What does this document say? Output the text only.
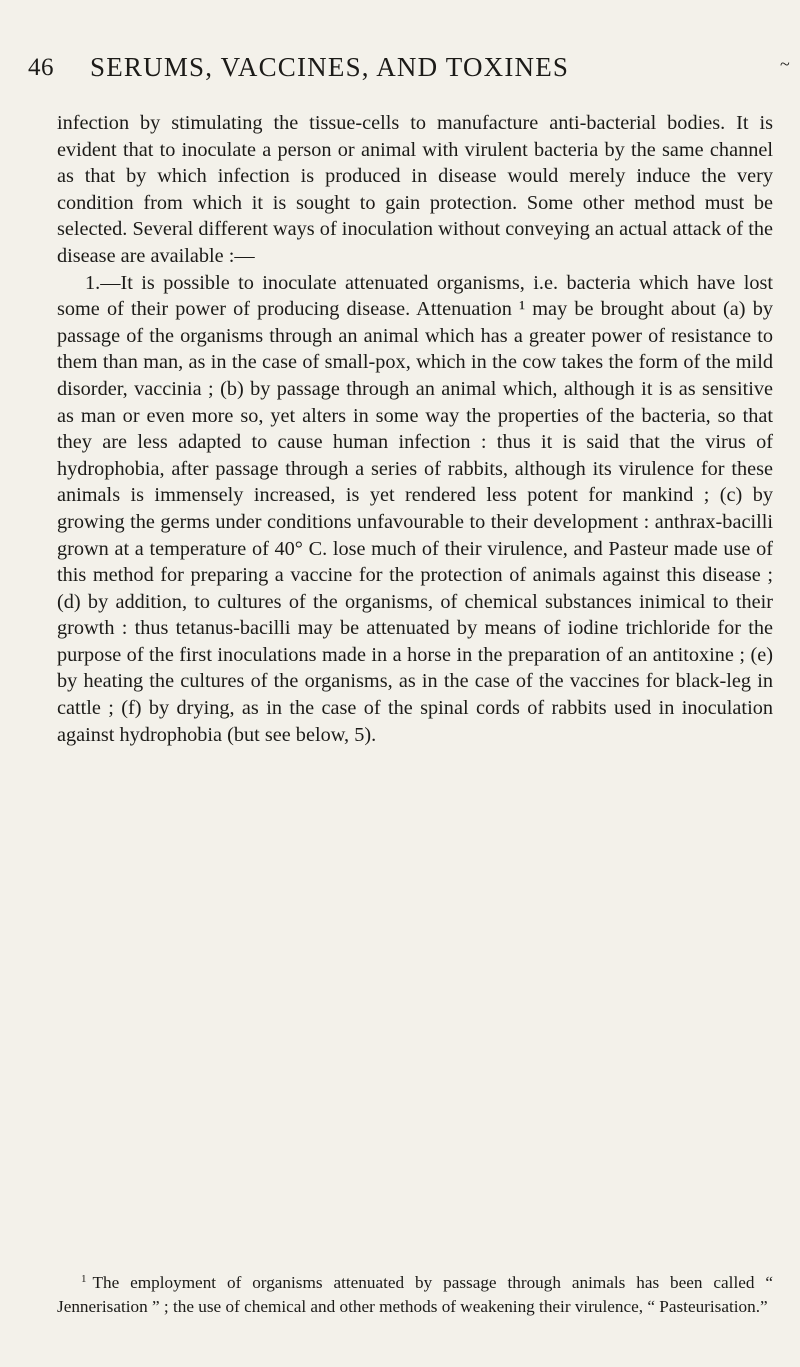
46 SERUMS, VACCINES, AND TOXINES	~

infection by stimulating the tissue-cells to manufacture anti-bacterial bodies. It is evident that to inoculate a person or animal with virulent bacteria by the same channel as that by which infection is produced in disease would merely induce the very condition from which it is sought to gain protection. Some other method must be selected. Several different ways of inoculation without conveying an actual attack of the disease are available :—

1.—It is possible to inoculate attenuated organisms, i.e. bacteria which have lost some of their power of producing disease. Attenuation ¹ may be brought about (a) by passage of the organisms through an animal which has a greater power of resistance to them than man, as in the case of small-pox, which in the cow takes the form of the mild disorder, vaccinia ; (b) by passage through an animal which, although it is as sensitive as man or even more so, yet alters in some way the properties of the bacteria, so that they are less adapted to cause human infection : thus it is said that the virus of hydrophobia, after passage through a series of rabbits, although its virulence for these animals is immensely increased, is yet rendered less potent for mankind ; (c) by growing the germs under conditions unfavourable to their development : anthrax-bacilli grown at a temperature of 40° C. lose much of their virulence, and Pasteur made use of this method for preparing a vaccine for the protection of animals against this disease ; (d) by addition, to cultures of the organisms, of chemical substances inimical to their growth : thus tetanus-bacilli may be attenuated by means of iodine trichloride for the purpose of the first inoculations made in a horse in the preparation of an antitoxine ; (e) by heating the cultures of the organisms, as in the case of the vaccines for black-leg in cattle ; (f) by drying, as in the case of the spinal cords of rabbits used in inoculation against hydrophobia (but see below, 5).

$^1$ The employment of organisms attenuated by passage through animals has been called “ Jennerisation ” ; the use of chemical and other methods of weakening their virulence, “ Pasteurisation.”
